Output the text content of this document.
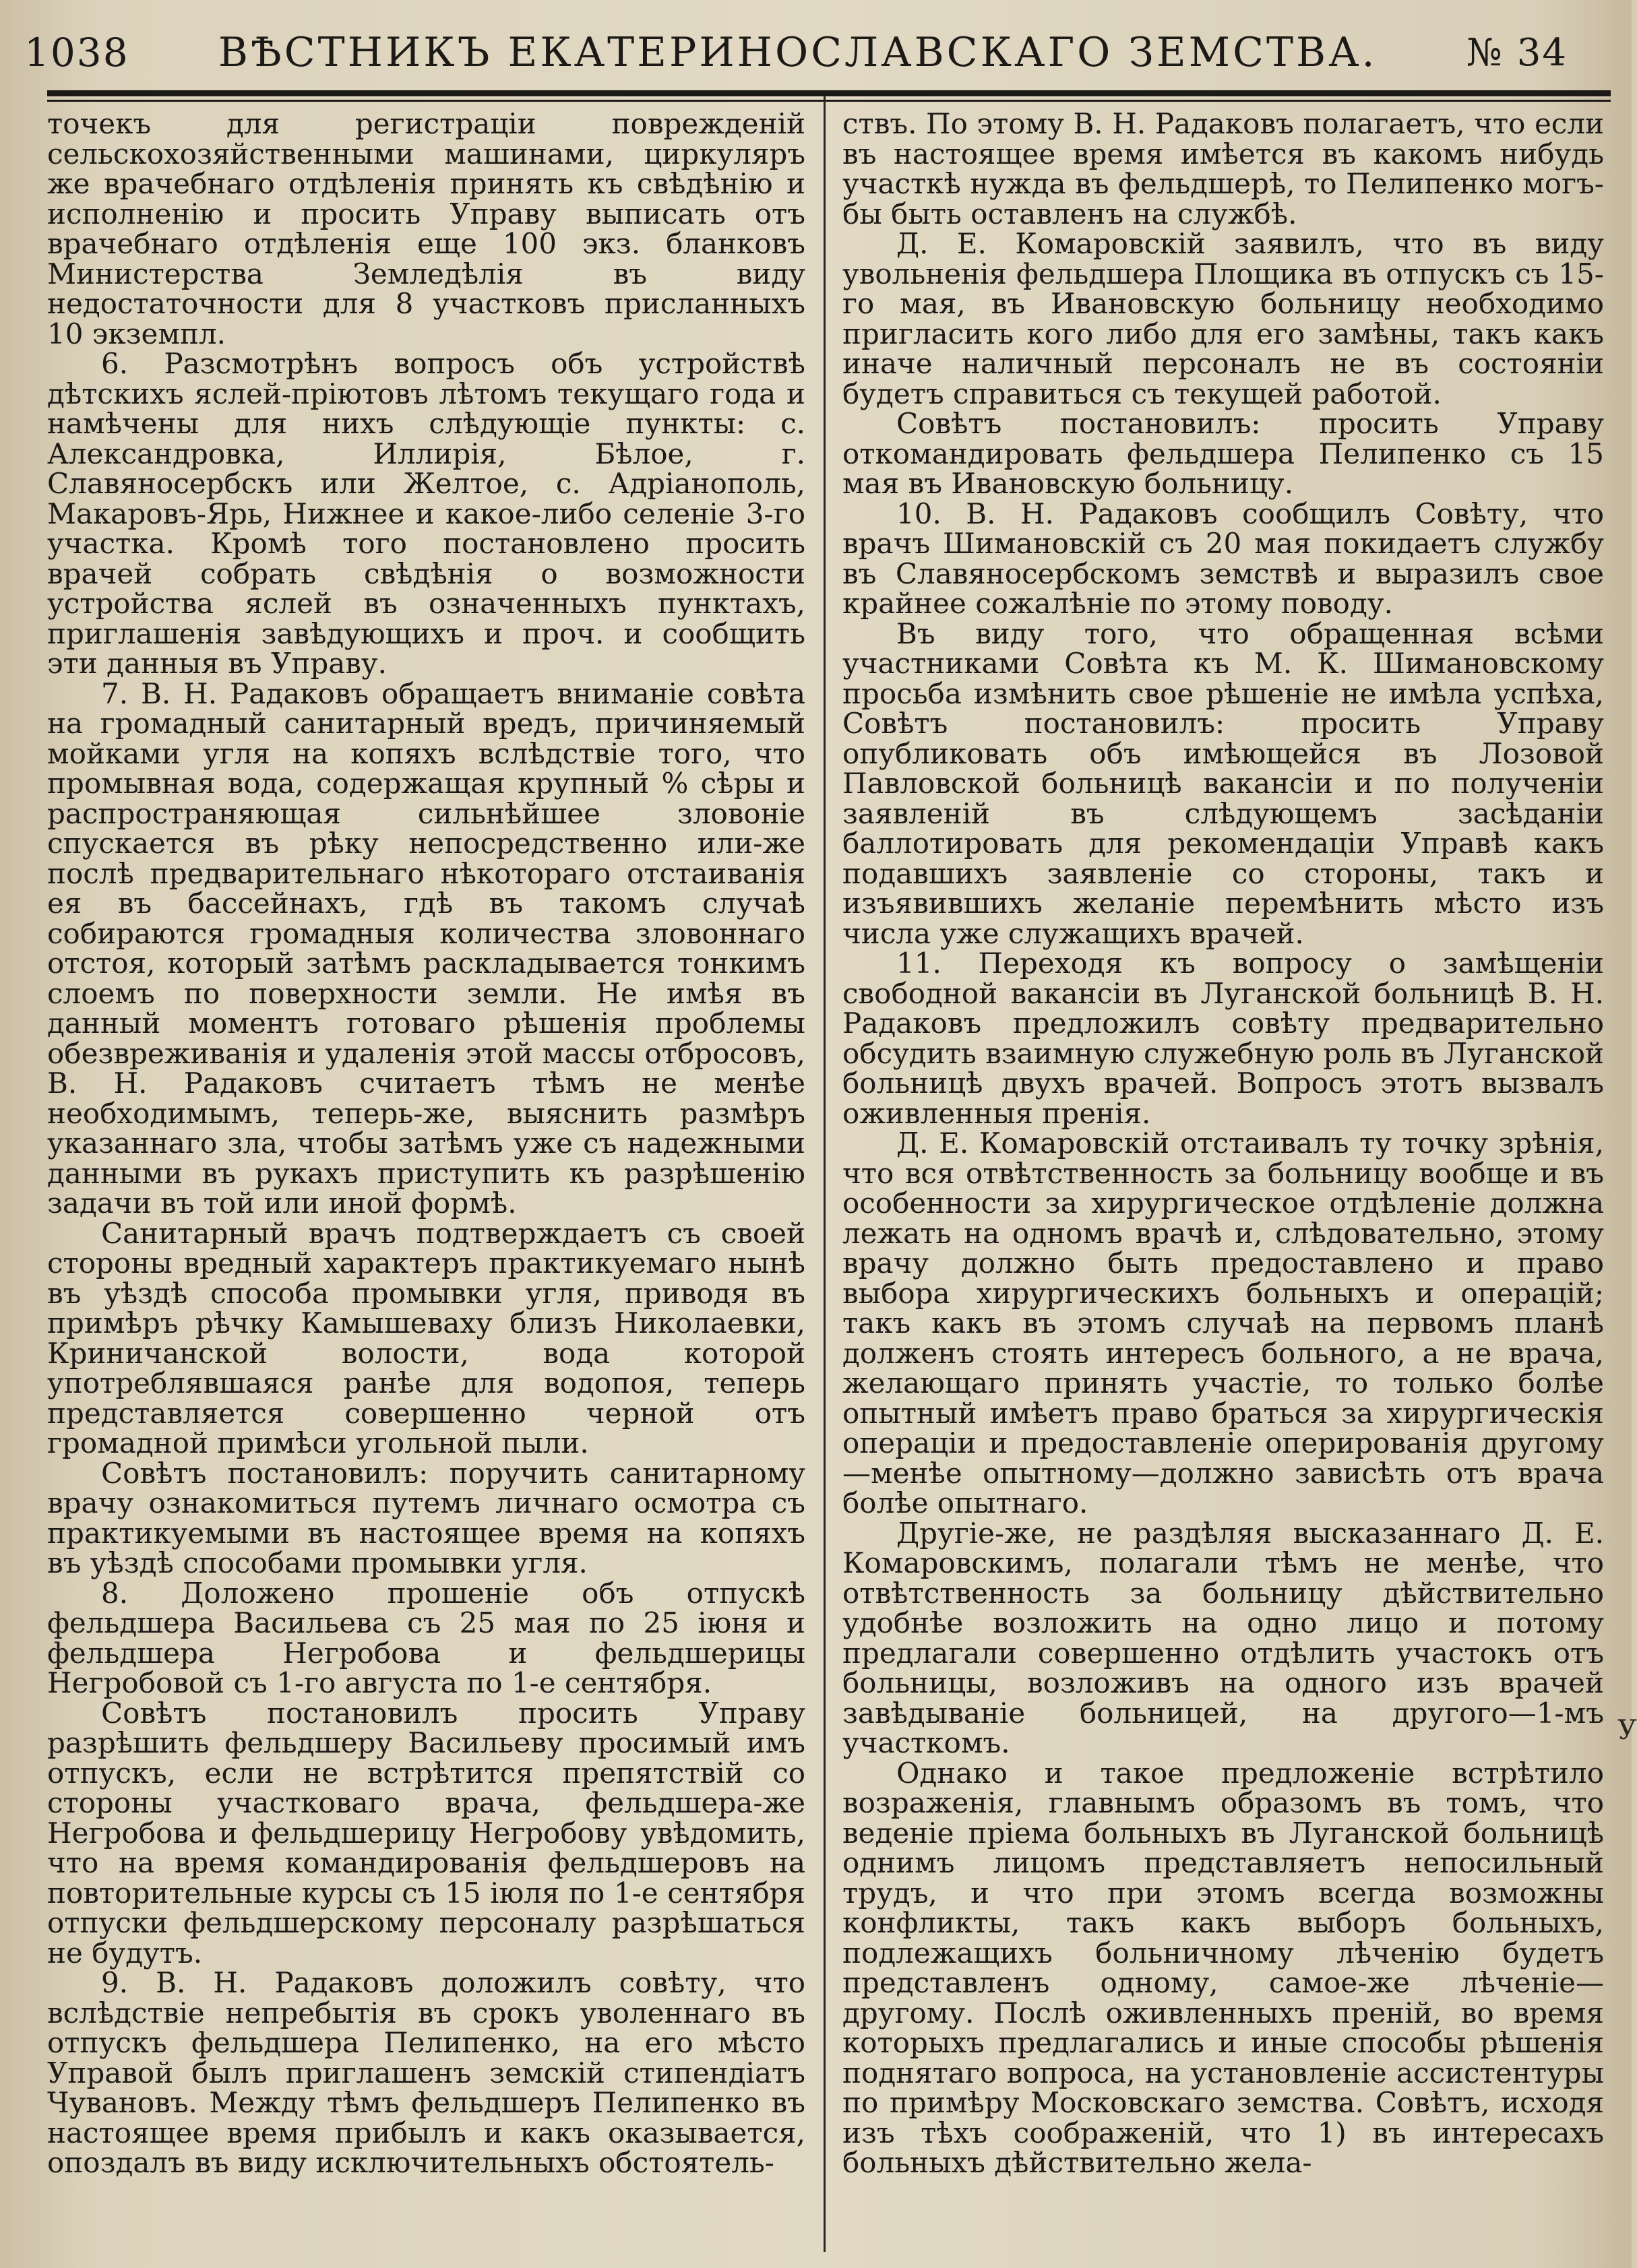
1038 ВѢСТНИКЪ ЕКАТЕРИНОСЛАВСКАГО ЗЕМСТВА. № 34

точекъ для регистраціи поврежденій сельскохозяйственными машинами, циркуляръ же врачебнаго отдѣленія принять къ свѣдѣнію и исполненію и просить Управу выписать отъ врачебнаго отдѣленія еще 100 экз. бланковъ Министерства Земледѣлія въ виду недостаточности для 8 участковъ присланныхъ 10 экземпл.

6. Разсмотрѣнъ вопросъ объ устройствѣ дѣтскихъ яслей-пріютовъ лѣтомъ текущаго года и намѣчены для нихъ слѣдующіе пункты: с. Александровка, Иллирія, Бѣлое, г. Славяносербскъ или Желтое, с. Адріанополь, Макаровъ-Ярь, Нижнее и какое-либо селеніе 3-го участка. Кромѣ того постановлено просить врачей собрать свѣдѣнія о возможности устройства яслей въ означенныхъ пунктахъ, приглашенія завѣдующихъ и проч. и сообщить эти данныя въ Управу.

7. В. Н. Радаковъ обращаетъ вниманіе совѣта на громадный санитарный вредъ, причиняемый мойками угля на копяхъ вслѣдствіе того, что промывная вода, содержащая крупный % сѣры и распространяющая сильнѣйшее зловоніе спускается въ рѣку непосредственно или-же послѣ предварительнаго нѣкотораго отстаиванія ея въ бассейнахъ, гдѣ въ такомъ случаѣ собираются громадныя количества зловоннаго отстоя, который затѣмъ раскладывается тонкимъ слоемъ по поверхности земли. Не имѣя въ данный моментъ готоваго рѣшенія проблемы обезвреживанія и удаленія этой массы отбросовъ, В. Н. Радаковъ считаетъ тѣмъ не менѣе необходимымъ, теперь-же, выяснить размѣръ указаннаго зла, чтобы затѣмъ уже съ надежными данными въ рукахъ приступить къ разрѣшенію задачи въ той или иной формѣ.

Санитарный врачъ подтверждаетъ съ своей стороны вредный характеръ практикуемаго нынѣ въ уѣздѣ способа промывки угля, приводя въ примѣръ рѣчку Камышеваху близъ Николаевки, Криничанской волости, вода которой употреблявшаяся ранѣе для водопоя, теперь представляется совершенно черной отъ громадной примѣси угольной пыли.

Совѣтъ постановилъ: поручить санитарному врачу ознакомиться путемъ личнаго осмотра съ практикуемыми въ настоящее время на копяхъ въ уѣздѣ способами промывки угля.

8. Доложено прошеніе объ отпускѣ фельдшера Васильева съ 25 мая по 25 іюня и фельдшера Негробова и фельдшерицы Негробовой съ 1-го августа по 1-е сентября.

Совѣтъ постановилъ просить Управу разрѣшить фельдшеру Васильеву просимый имъ отпускъ, если не встрѣтится препятствій со стороны участковаго врача, фельдшера-же Негробова и фельдшерицу Негробову увѣдомить, что на время командированія фельдшеровъ на повторительные курсы съ 15 іюля по 1-е сентября отпуски фельдшерскому персоналу разрѣшаться не будутъ.

9. В. Н. Радаковъ доложилъ совѣту, что вслѣдствіе непребытія въ срокъ уволеннаго въ отпускъ фельдшера Пелипенко, на его мѣсто Управой былъ приглашенъ земскій стипендіатъ Чувановъ. Между тѣмъ фельдшеръ Пелипенко въ настоящее время прибылъ и какъ оказывается, опоздалъ въ виду исключительныхъ обстоятель-

ствъ. По этому В. Н. Радаковъ полагаетъ, что если въ настоящее время имѣется въ какомъ нибудь участкѣ нужда въ фельдшерѣ, то Пелипенко могъ-бы быть оставленъ на службѣ.

Д. Е. Комаровскій заявилъ, что въ виду увольненія фельдшера Площика въ отпускъ съ 15-го мая, въ Ивановскую больницу необходимо пригласить кого либо для его замѣны, такъ какъ иначе наличный персоналъ не въ состояніи будетъ справиться съ текущей работой.

Совѣтъ постановилъ: просить Управу откомандировать фельдшера Пелипенко съ 15 мая въ Ивановскую больницу.

10. В. Н. Радаковъ сообщилъ Совѣту, что врачъ Шимановскій съ 20 мая покидаетъ службу въ Славяносербскомъ земствѣ и выразилъ свое крайнее сожалѣніе по этому поводу.

Въ виду того, что обращенная всѣми участниками Совѣта къ М. К. Шимановскому просьба измѣнить свое рѣшеніе не имѣла успѣха, Совѣтъ постановилъ: просить Управу опубликовать объ имѣющейся въ Лозовой Павловской больницѣ вакансіи и по полученіи заявленій въ слѣдующемъ засѣданіи баллотировать для рекомендаціи Управѣ какъ подавшихъ заявленіе со стороны, такъ и изъявившихъ желаніе перемѣнить мѣсто изъ числа уже служащихъ врачей.

11. Переходя къ вопросу о замѣщеніи свободной вакансіи въ Луганской больницѣ В. Н. Радаковъ предложилъ совѣту предварительно обсудить взаимную служебную роль въ Луганской больницѣ двухъ врачей. Вопросъ этотъ вызвалъ оживленныя пренія.

Д. Е. Комаровскій отстаивалъ ту точку зрѣнія, что вся отвѣтственность за больницу вообще и въ особенности за хирургическое отдѣленіе должна лежать на одномъ врачѣ и, слѣдовательно, этому врачу должно быть предоставлено и право выбора хирургическихъ больныхъ и операцій; такъ какъ въ этомъ случаѣ на первомъ планѣ долженъ стоять интересъ больного, а не врача, желающаго принять участіе, то только болѣе опытный имѣетъ право браться за хирургическія операціи и предоставленіе оперированія другому—менѣе опытному—должно зависѣть отъ врача болѣе опытнаго.

Другіе-же, не раздѣляя высказаннаго Д. Е. Комаровскимъ, полагали тѣмъ не менѣе, что отвѣтственность за больницу дѣйствительно удобнѣе возложить на одно лицо и потому предлагали совершенно отдѣлить участокъ отъ больницы, возложивъ на одного изъ врачей завѣдываніе больницей, на другого—1-мъ участкомъ.

Однако и такое предложеніе встрѣтило возраженія, главнымъ образомъ въ томъ, что веденіе пріема больныхъ въ Луганской больницѣ однимъ лицомъ представляетъ непосильный трудъ, и что при этомъ всегда возможны конфликты, такъ какъ выборъ больныхъ, подлежащихъ больничному лѣченію будетъ представленъ одному, самое-же лѣченіе—другому. Послѣ оживленныхъ преній, во время которыхъ предлагались и иные способы рѣшенія поднятаго вопроса, на установленіе ассистентуры по примѣру Московскаго земства. Совѣтъ, исходя изъ тѣхъ соображеній, что 1) въ интересахъ больныхъ дѣйствительно жела-

У
